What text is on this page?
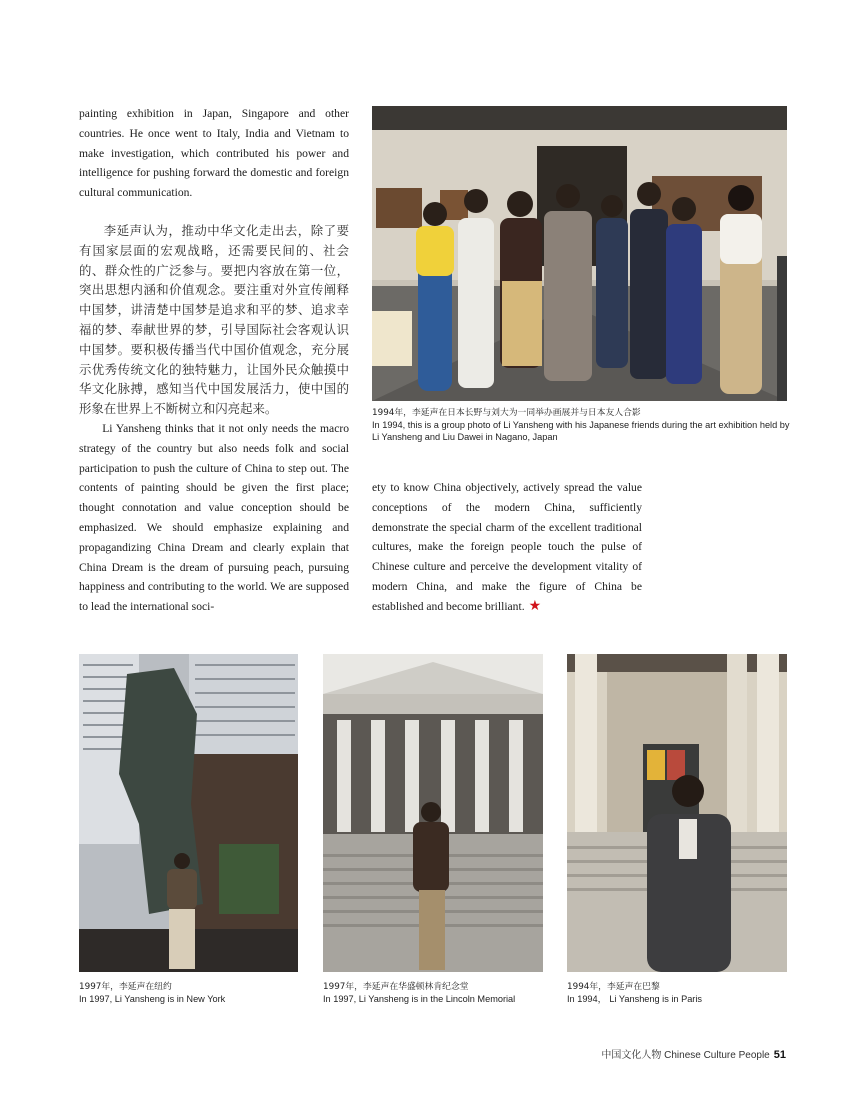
painting exhibition in Japan, Singapore and other countries. He once went to Italy, India and Vietnam to make investigation, which contributed his power and intelligence for pushing forward the domestic and foreign cultural communication.

李延声认为，推动中华文化走出去，除了要有国家层面的宏观战略，还需要民间的、社会的、群众性的广泛参与。要把内容放在第一位，突出思想内涵和价值观念。要注重对外宣传阐释中国梦，讲清楚中国梦是追求和平的梦、追求幸福的梦、奉献世界的梦，引导国际社会客观认识中国梦。要积极传播当代中国价值观念，充分展示优秀传统文化的独特魅力，让国外民众触摸中华文化脉搏，感知当代中国发展活力，使中国的形象在世界上不断树立和闪亮起来。

Li Yansheng thinks that it not only needs the macro strategy of the country but also needs folk and social participation to push the culture of China to step out. The contents of painting should be given the first place; thought connotation and value conception should be emphasized. We should emphasize explaining and propagandizing China Dream and clearly explain that China Dream is the dream of pursuing peach, pursuing happiness and contributing to the world. We are supposed to lead the international soci-

ety to know China objectively, actively spread the value conceptions of the modern China, sufficiently demonstrate the special charm of the excellent traditional cultures, make the foreign people touch the pulse of Chinese culture and perceive the development vitality of modern China, and make the figure of China be established and become brilliant. ★

1994年，李延声在日本长野与刘大为一同举办画展并与日本友人合影
In 1994, this is a group photo of Li Yansheng with his Japanese friends during the art exhibition held by Li Yansheng and Liu Dawei in Nagano, Japan
1997年，李延声在纽约
In 1997, Li Yansheng is in New York
1997年，李延声在华盛顿林肯纪念堂
In 1997, Li Yansheng is in the Lincoln Memorial
1994年，李延声在巴黎
In 1994， Li Yansheng is in Paris
中国文化人物 Chinese Culture People 51
